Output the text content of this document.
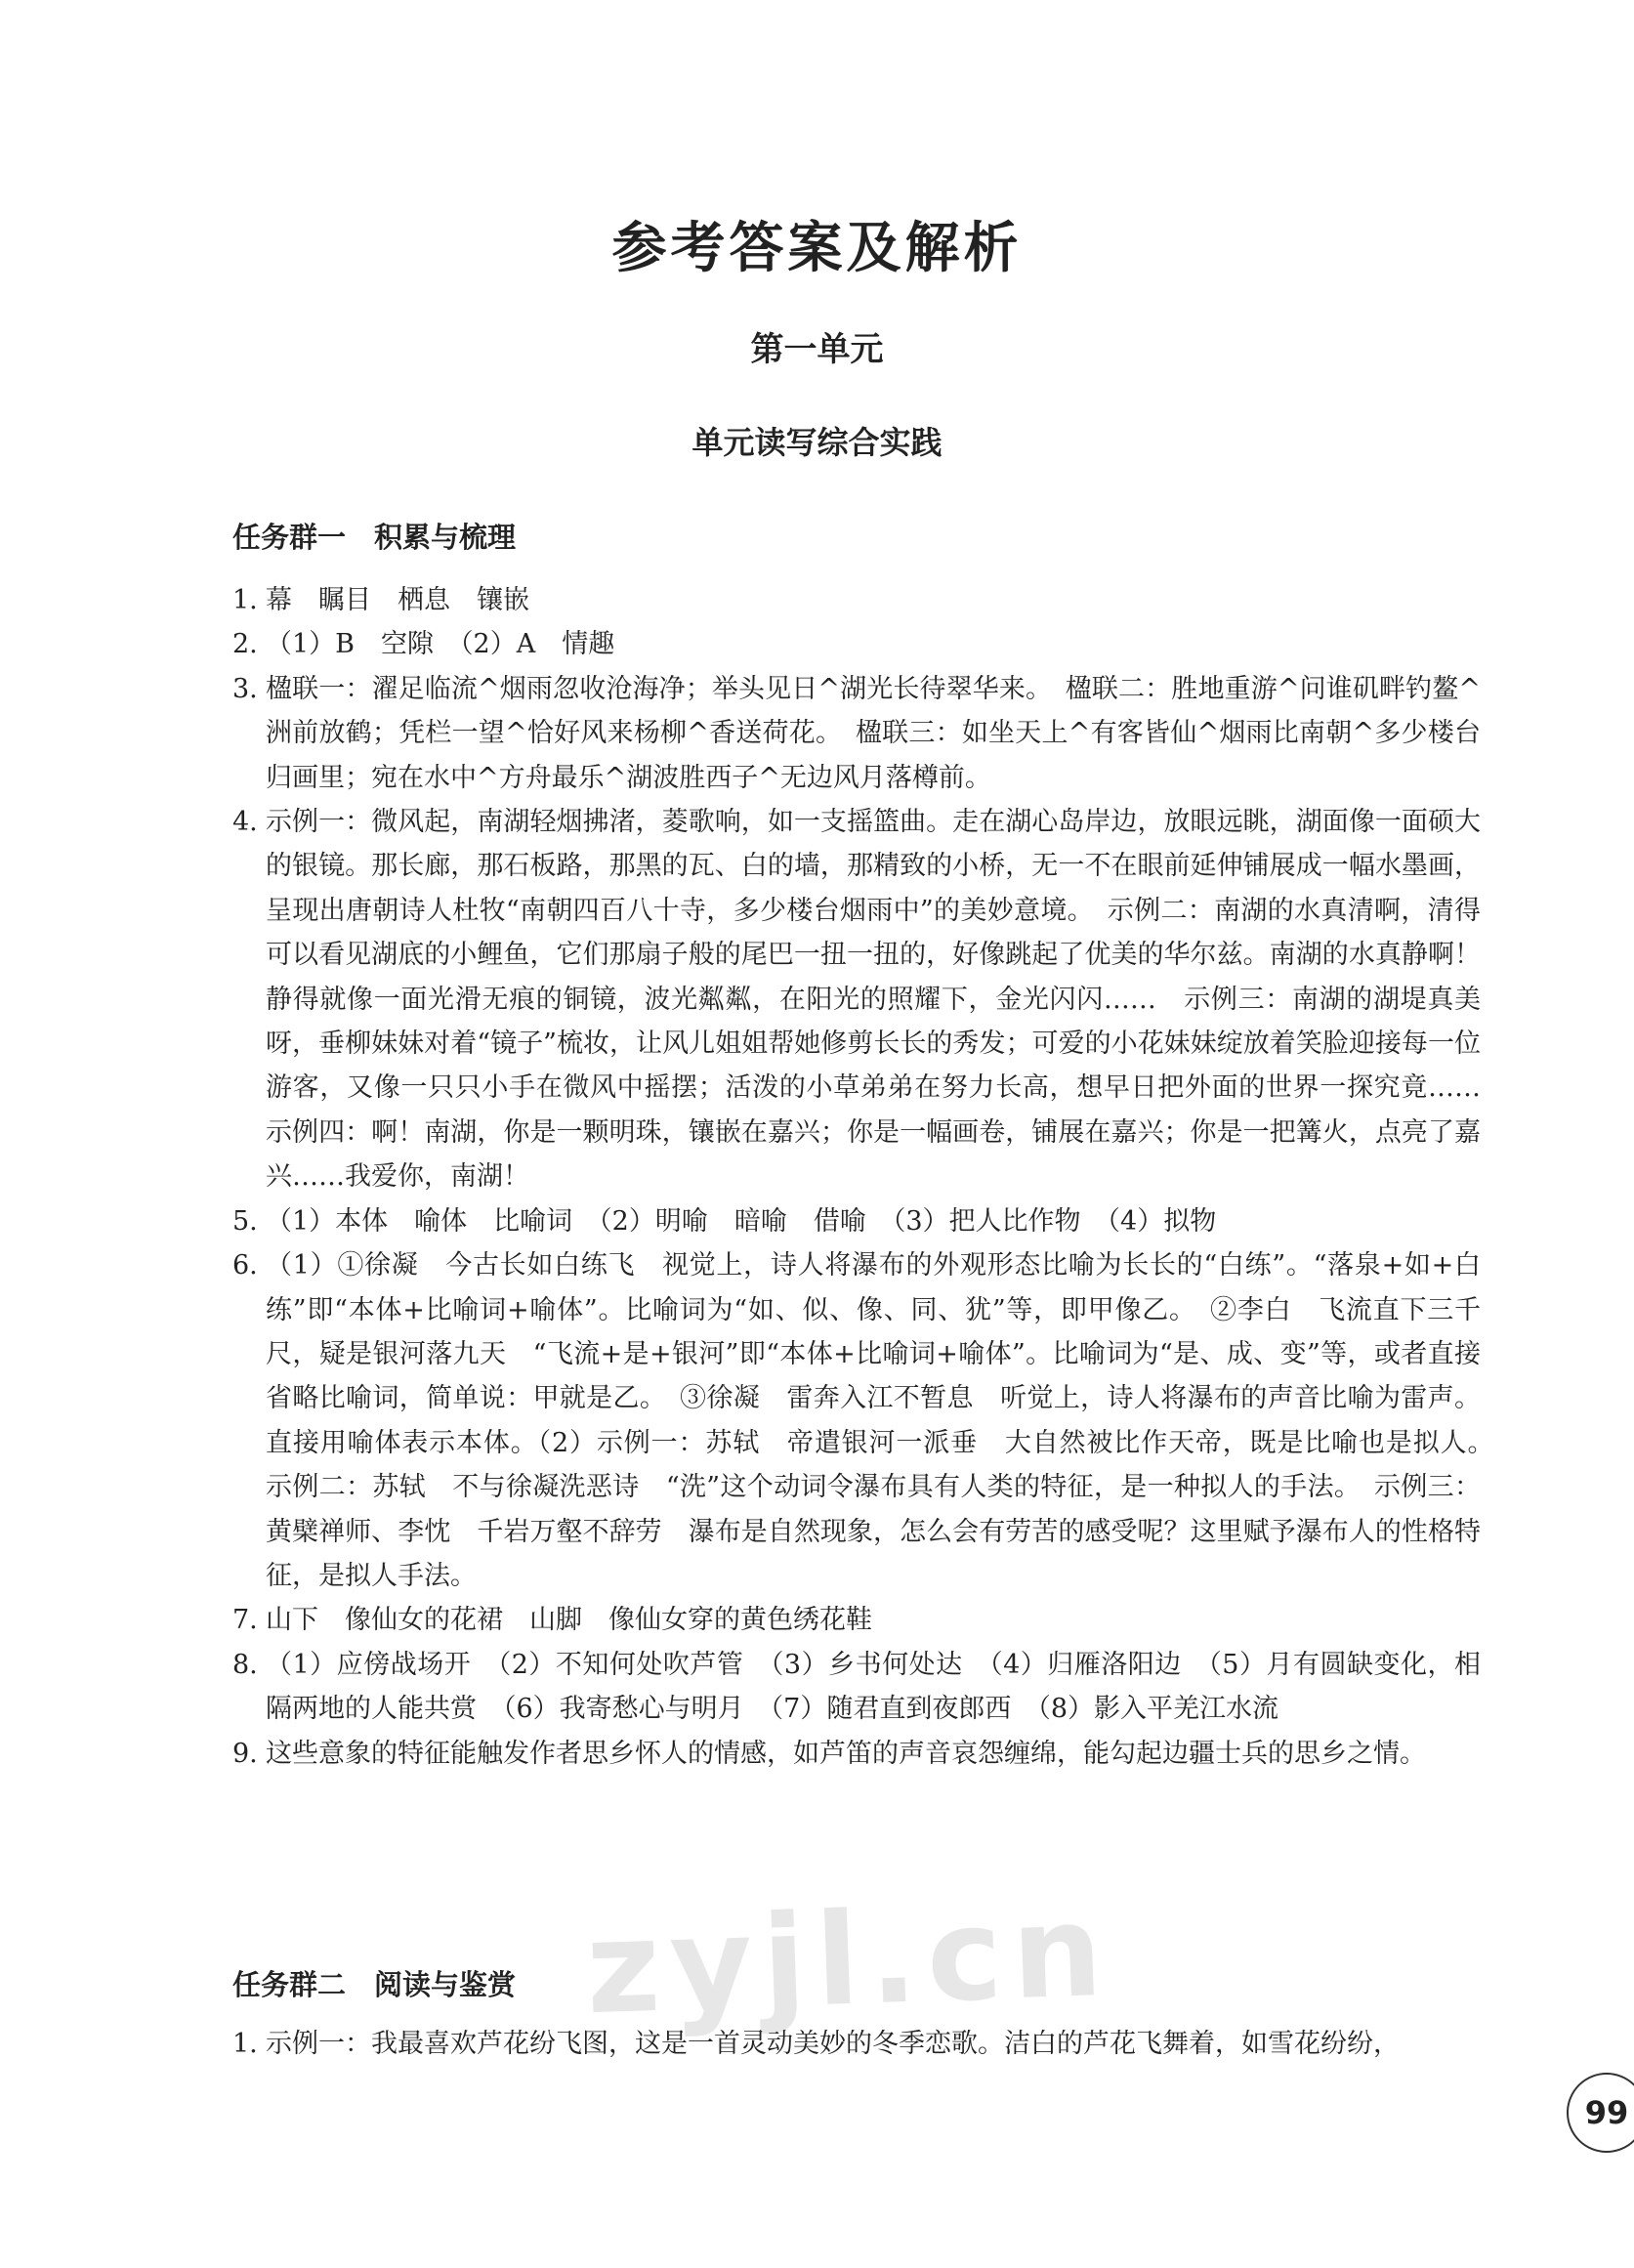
参考答案及解析
第一单元
单元读写综合实践
任务群一　积累与梳理
1. 幕　瞩目　栖息　镶嵌
2. （1）B　空隙　（2）A　情趣
3. 楹联一：濯足临流^烟雨忽收沧海净；举头见日^湖光长待翠华来。　楹联二：胜地重游^问谁矶畔钓鳌^洲前放鹤；凭栏一望^恰好风来杨柳^香送荷花。　楹联三：如坐天上^有客皆仙^烟雨比南朝^多少楼台归画里；宛在水中^方舟最乐^湖波胜西子^无边风月落樽前。
4. 示例一：微风起，南湖轻烟拂渚，菱歌响，如一支摇篮曲。走在湖心岛岸边，放眼远眺，湖面像一面硕大的银镜。那长廊，那石板路，那黑的瓦、白的墙，那精致的小桥，无一不在眼前延伸铺展成一幅水墨画，呈现出唐朝诗人杜牧“南朝四百八十寺，多少楼台烟雨中”的美妙意境。　示例二：南湖的水真清啊，清得可以看见湖底的小鲤鱼，它们那扇子般的尾巴一扭一扭的，好像跳起了优美的华尔兹。南湖的水真静啊！静得就像一面光滑无痕的铜镜，波光粼粼，在阳光的照耀下，金光闪闪……　示例三：南湖的湖堤真美呀，垂柳妹妹对着“镜子”梳妆，让风儿姐姐帮她修剪长长的秀发；可爱的小花妹妹绽放着笑脸迎接每一位游客，又像一只只小手在微风中摇摆；活泼的小草弟弟在努力长高，想早日把外面的世界一探究竟……　示例四：啊！南湖，你是一颗明珠，镶嵌在嘉兴；你是一幅画卷，铺展在嘉兴；你是一把篝火，点亮了嘉兴……我爱你，南湖！
5. （1）本体　喻体　比喻词　（2）明喻　暗喻　借喻　（3）把人比作物　（4）拟物
6. （1）①徐凝　今古长如白练飞　视觉上，诗人将瀑布的外观形态比喻为长长的“白练”。“落泉+如+白练”即“本体+比喻词+喻体”。比喻词为“如、似、像、同、犹”等，即甲像乙。　②李白　飞流直下三千尺，疑是银河落九天　“飞流+是+银河”即“本体+比喻词+喻体”。比喻词为“是、成、变”等，或者直接省略比喻词，简单说：甲就是乙。　③徐凝　雷奔入江不暂息　听觉上，诗人将瀑布的声音比喻为雷声。直接用喻体表示本体。（2）示例一：苏轼　帝遣银河一派垂　大自然被比作天帝，既是比喻也是拟人。　示例二：苏轼　不与徐凝洗恶诗　“洗”这个动词令瀑布具有人类的特征，是一种拟人的手法。　示例三：黄檗禅师、李忱　千岩万壑不辞劳　瀑布是自然现象，怎么会有劳苦的感受呢？这里赋予瀑布人的性格特征，是拟人手法。
7. 山下　像仙女的花裙　山脚　像仙女穿的黄色绣花鞋
8. （1）应傍战场开　（2）不知何处吹芦管　（3）乡书何处达　（4）归雁洛阳边　（5）月有圆缺变化，相隔两地的人能共赏　（6）我寄愁心与明月　（7）随君直到夜郎西　（8）影入平羌江水流
9. 这些意象的特征能触发作者思乡怀人的情感，如芦笛的声音哀怨缠绵，能勾起边疆士兵的思乡之情。
任务群二　阅读与鉴赏
1. 示例一：我最喜欢芦花纷飞图，这是一首灵动美妙的冬季恋歌。洁白的芦花飞舞着，如雪花纷纷，
zyjl.cn
99
